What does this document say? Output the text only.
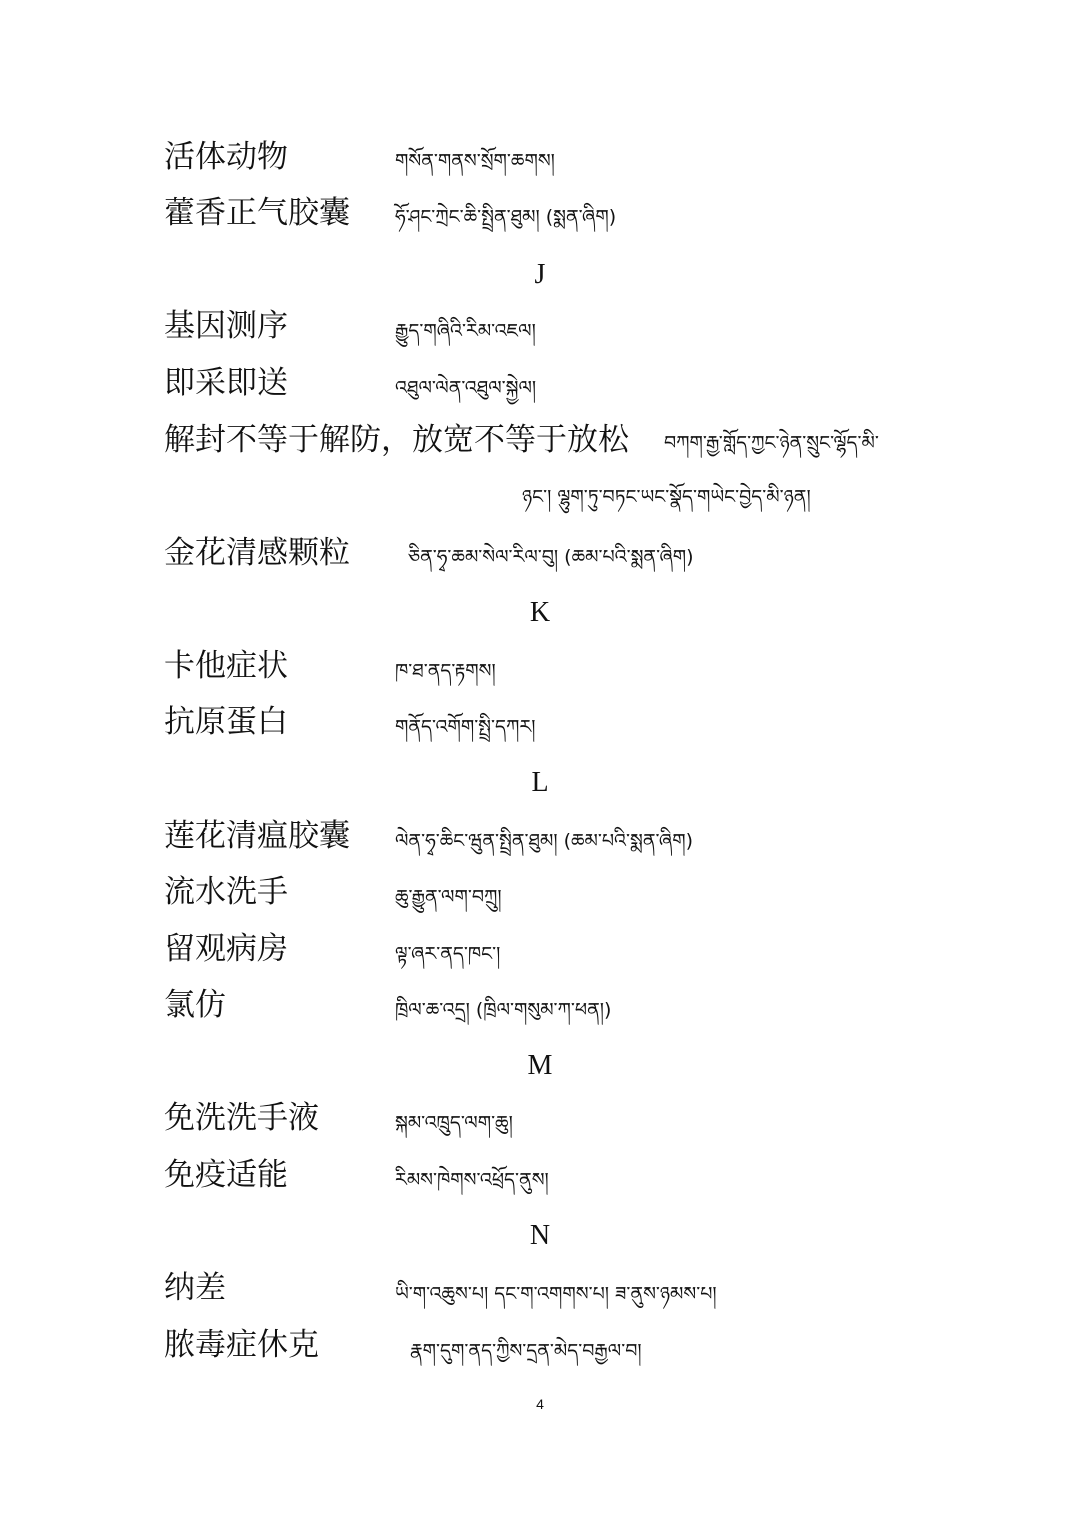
活体动物	གསོན་གནས་སྲོག་ཆགས།
藿香正气胶囊 ཧོ་ཤང་ཀྲེང་ཆི་སྤྲིན་ཐུམ། (སྨན་ཞིག)
J
基因测序	རྒྱུད་གཞིའི་རིམ་འཇལ།
即采即送	འཐུལ་ལེན་འཐུལ་སྐྱེལ།
解封不等于解防，放宽不等于放松 བཀག་རྒྱ་གློད་ཀྱང་ཉེན་སྲུང་ལྷོད་མི་
ཉང་། ལྷུག་ཏུ་བཏང་ཡང་སྣོད་གཡེང་བྱེད་མི་ཉན།
金花清感颗粒	ཅིན་ཧྭ་ཆམ་སེལ་རིལ་བུ། (ཆམ་པའི་སྨན་ཞིག)
K
卡他症状	ཁ་ཐ་ནད་རྟགས།
抗原蛋白	གནོད་འགོག་སྤྲི་དཀར།
L
莲花清瘟胶囊 ལེན་ཧྭ་ཆིང་ཝུན་སྤྲིན་ཐུམ། (ཆམ་པའི་སྨན་ཞིག)
流水洗手	ཆུ་རྒྱུན་ལག་བཀྲུ།
留观病房	ལྟ་ཞར་ནད་ཁང་།
氯仿	ཁྲིལ་ཆ་འདྲ། (ཁྲིལ་གསུམ་ཀ་ཕན།)
M
免洗洗手液	སྐམ་འཁྲུད་ལག་ཆུ།
免疫适能	རིམས་ཁེགས་འཕྲོད་ནུས།
N
纳差	ཡི་ག་འཆུས་པ། དང་ག་འགགས་པ། ཟ་ནུས་ཉམས་པ།
脓毒症休克	རྣག་དུག་ནད་ཀྱིས་དྲན་མེད་བརྒྱལ་བ།
4
